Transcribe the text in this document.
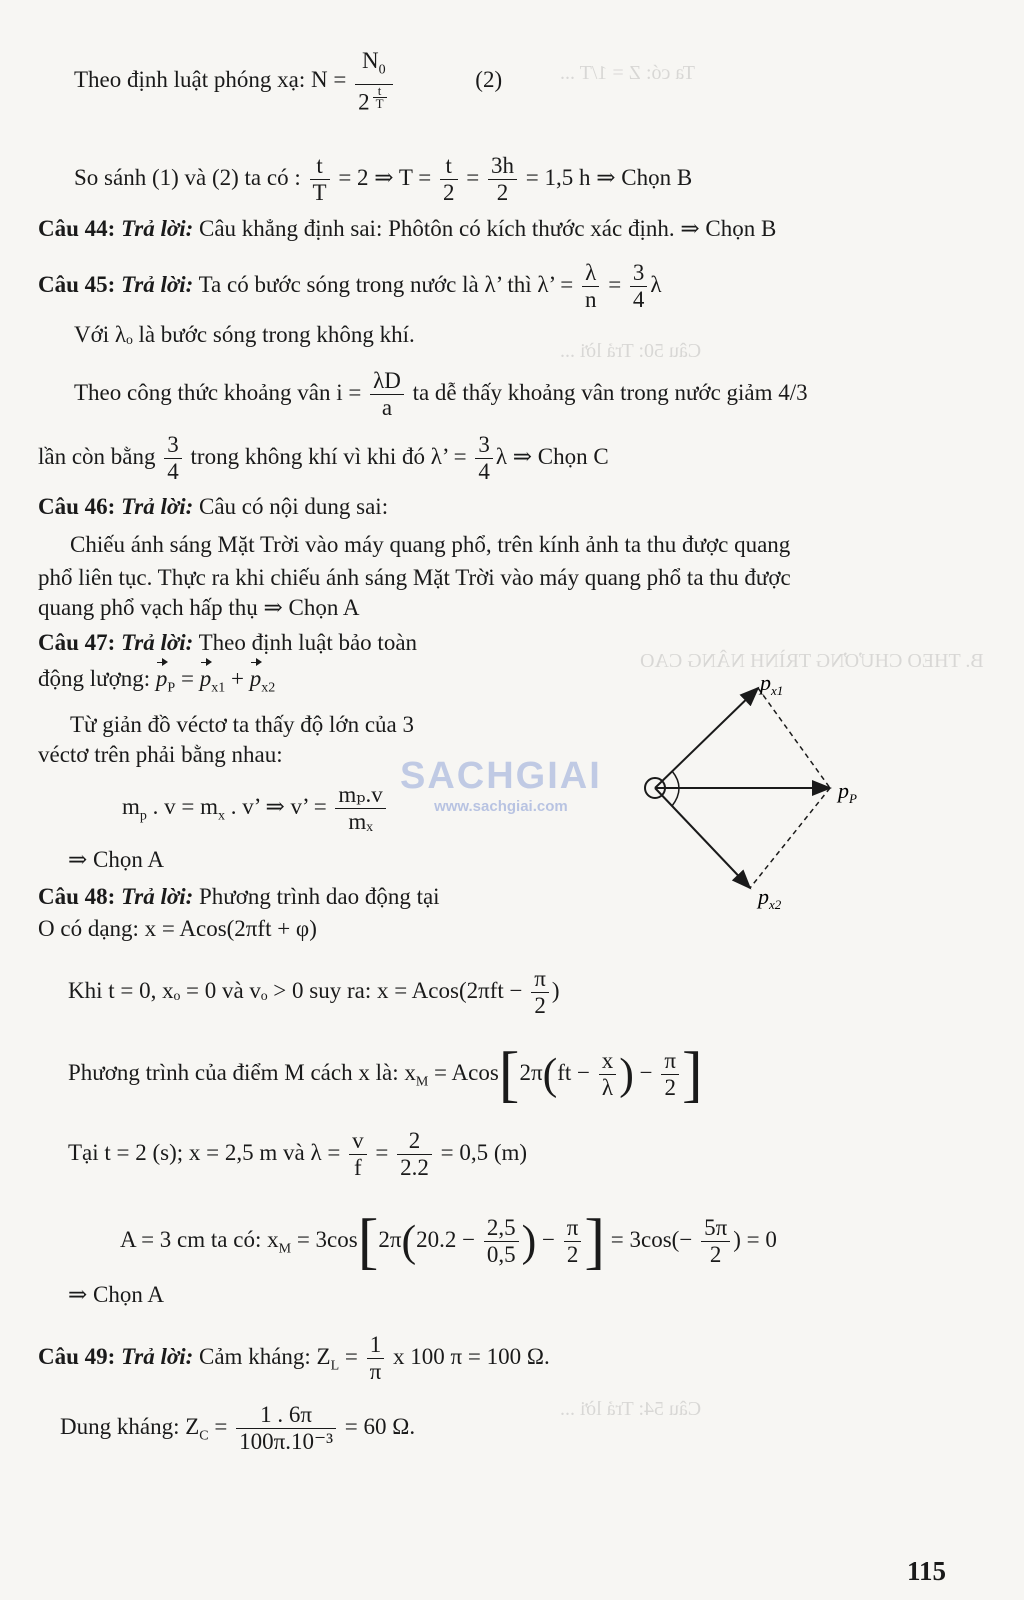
Ta có: Z = 1/T ...
Câu 50: Trả lời ...
B. THEO CHƯƠNG TRÌNH NÂNG CAO
Câu 54: Trả lời ...
Theo định luật phóng xạ: $N = N_0$
2 $^{\frac{t}{T}}$	(2)
So sánh (1) và (2) ta có : $\frac{t}{T} = 2$ ⇒ $T = \frac{t}{2} = \frac{3h}{2} = 1,5$ h ⇒ Chọn B
Câu 44: Trả lời: Câu khẳng định sai: Phôtôn có kích thước xác định. ⇒ Chọn B
Câu 45: Trả lời: Ta có bước sóng trong nước là λ’ thì λ’ = $\frac{\lambda}{n} = \frac{3}{4}$ λ
Với λₒ là bước sóng trong không khí.
Theo công thức khoảng vân $i = \frac{\lambda D}{a}$ ta dễ thấy khoảng vân trong nước giảm 4/3
lần còn bằng $\frac{3}{4}$ trong không khí vì khi đó λ’ = $\frac{3}{4}$ λ ⇒ Chọn C
Câu 46: Trả lời: Câu có nội dung sai:
Chiếu ánh sáng Mặt Trời vào máy quang phổ, trên kính ảnh ta thu được quang
phổ liên tục. Thực ra khi chiếu ánh sáng Mặt Trời vào máy quang phổ ta thu được
quang phổ vạch hấp thụ ⇒ Chọn A
Câu 47: Trả lời: Theo định luật bảo toàn
động lượng: $p_P = p_{x1} + p_{x2}$
Từ giản đồ véctơ ta thấy độ lớn của 3
véctơ trên phải bằng nhau:
$m_p$ . $v = m_x$ . v’ ⇒ v’ = $\frac{\text{mₚ.v}}{\text{mₓ}}$
⇒ Chọn A
$p_{x1}$
$p_P$
$p_{x2}$
SACHGIAI
www.sachgiai.com
Câu 48: Trả lời: Phương trình dao động tại
O có dạng: x = Acos(2πft + φ)
Khi t = 0, xₒ = 0 và vₒ > 0 suy ra: $x = Acos(2\pi ft - \frac{\pi}{2}$ )
Phương trình của điểm M cách x là: $x_M = Acos[2\pi(ft - \frac{x}{\lambda}$ ) − $\frac{\pi}{2}$ ]
Tại t = 2 (s); x = 2,5 m và $\lambda = \frac{v}{f} = \frac{2}{2.2} = 0,5$ (m)
A = 3 cm ta có: $x_M = 3\cos[2\pi(20.2 - \frac{2,5}{0,5}$ ) − $\frac{\pi}{2}$ ] = $3\cos(- \frac{5\pi}{2}$ ) = 0
⇒ Chọn A
Câu 49: Trả lời: Cảm kháng: $Z_L = \frac{1}{\pi}$ x 100 π = 100 Ω.
Dung kháng: $Z_C = \frac{1 . 6\pi}{\text{100π.10⁻³}} = 60$ Ω.
115
